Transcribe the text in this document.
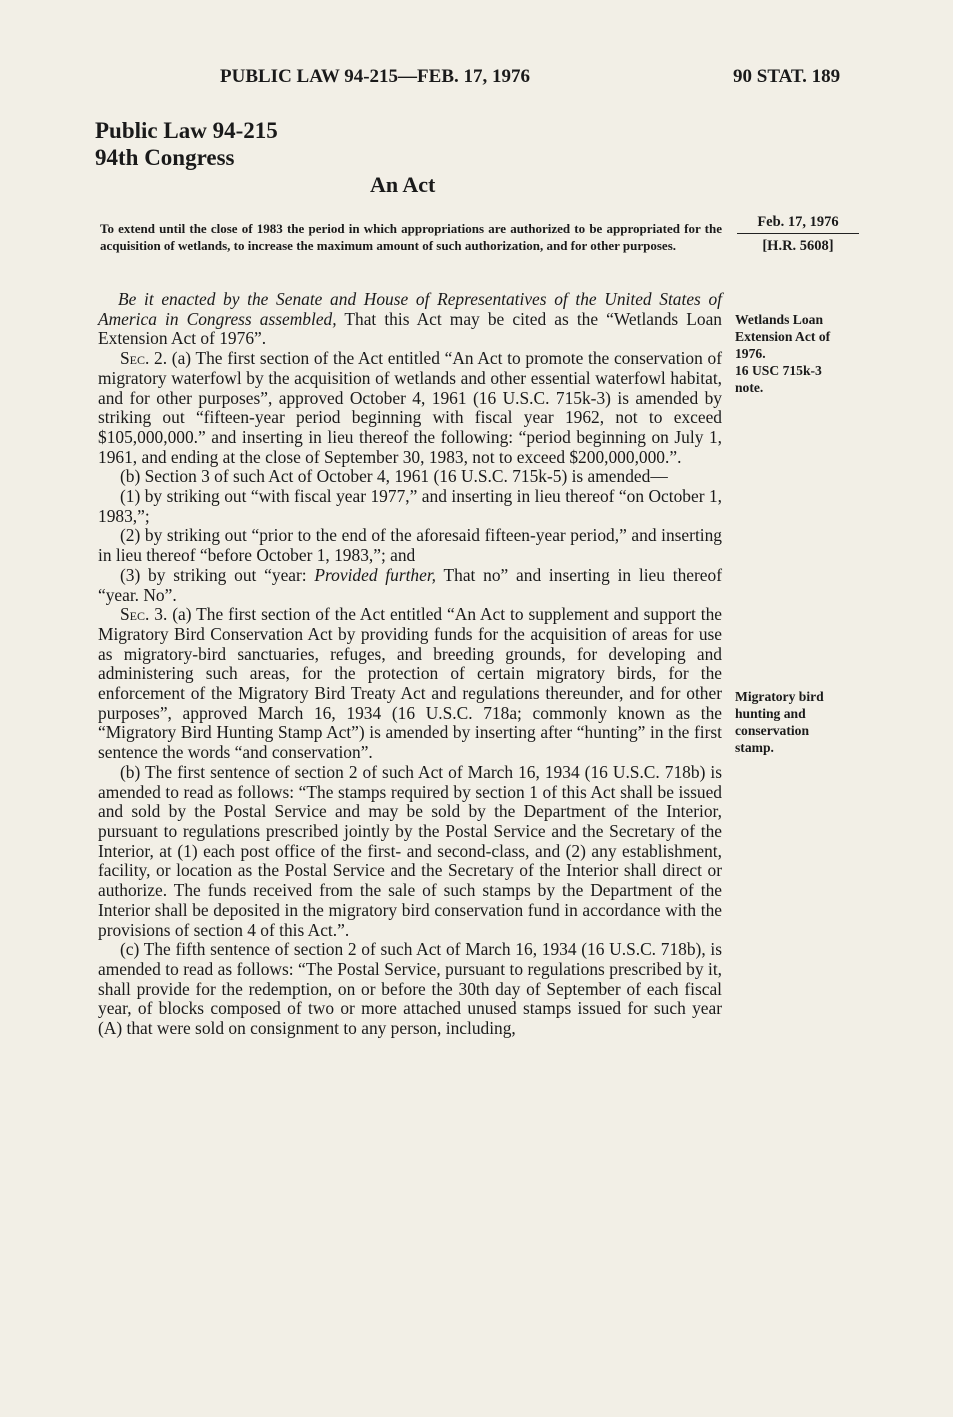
PUBLIC LAW 94-215—FEB. 17, 1976	90 STAT. 189
Public Law 94-215
94th Congress
An Act
To extend until the close of 1983 the period in which appropriations are authorized to be appropriated for the acquisition of wetlands, to increase the maximum amount of such authorization, and for other purposes.
Feb. 17, 1976
[H.R. 5608]
Wetlands Loan
Extension Act of
1976.
16 USC 715k-3
note.
Migratory bird
hunting and
conservation
stamp.

Be it enacted by the Senate and House of Representatives of the United States of America in Congress assembled, That this Act may be cited as the “Wetlands Loan Extension Act of 1976”.

Sec. 2. (a) The first section of the Act entitled “An Act to promote the conservation of migratory waterfowl by the acquisition of wetlands and other essential waterfowl habitat, and for other purposes”, approved October 4, 1961 (16 U.S.C. 715k-3) is amended by striking out “fifteen-year period beginning with fiscal year 1962, not to exceed $105,000,000.” and inserting in lieu thereof the following: “period beginning on July 1, 1961, and ending at the close of September 30, 1983, not to exceed $200,000,000.”.

(b) Section 3 of such Act of October 4, 1961 (16 U.S.C. 715k-5) is amended—

(1) by striking out “with fiscal year 1977,” and inserting in lieu thereof “on October 1, 1983,”;

(2) by striking out “prior to the end of the aforesaid fifteen-year period,” and inserting in lieu thereof “before October 1, 1983,”; and

(3) by striking out “year: Provided further, That no” and inserting in lieu thereof “year. No”.

Sec. 3. (a) The first section of the Act entitled “An Act to supplement and support the Migratory Bird Conservation Act by providing funds for the acquisition of areas for use as migratory-bird sanctuaries, refuges, and breeding grounds, for developing and administering such areas, for the protection of certain migratory birds, for the enforcement of the Migratory Bird Treaty Act and regulations thereunder, and for other purposes”, approved March 16, 1934 (16 U.S.C. 718a; commonly known as the “Migratory Bird Hunting Stamp Act”) is amended by inserting after “hunting” in the first sentence the words “and conservation”.

(b) The first sentence of section 2 of such Act of March 16, 1934 (16 U.S.C. 718b) is amended to read as follows: “The stamps required by section 1 of this Act shall be issued and sold by the Postal Service and may be sold by the Department of the Interior, pursuant to regulations prescribed jointly by the Postal Service and the Secretary of the Interior, at (1) each post office of the first- and second-class, and (2) any establishment, facility, or location as the Postal Service and the Secretary of the Interior shall direct or authorize. The funds received from the sale of such stamps by the Department of the Interior shall be deposited in the migratory bird conservation fund in accordance with the provisions of section 4 of this Act.”.

(c) The fifth sentence of section 2 of such Act of March 16, 1934 (16 U.S.C. 718b), is amended to read as follows: “The Postal Service, pursuant to regulations prescribed by it, shall provide for the redemption, on or before the 30th day of September of each fiscal year, of blocks composed of two or more attached unused stamps issued for such year (A) that were sold on consignment to any person, including,
